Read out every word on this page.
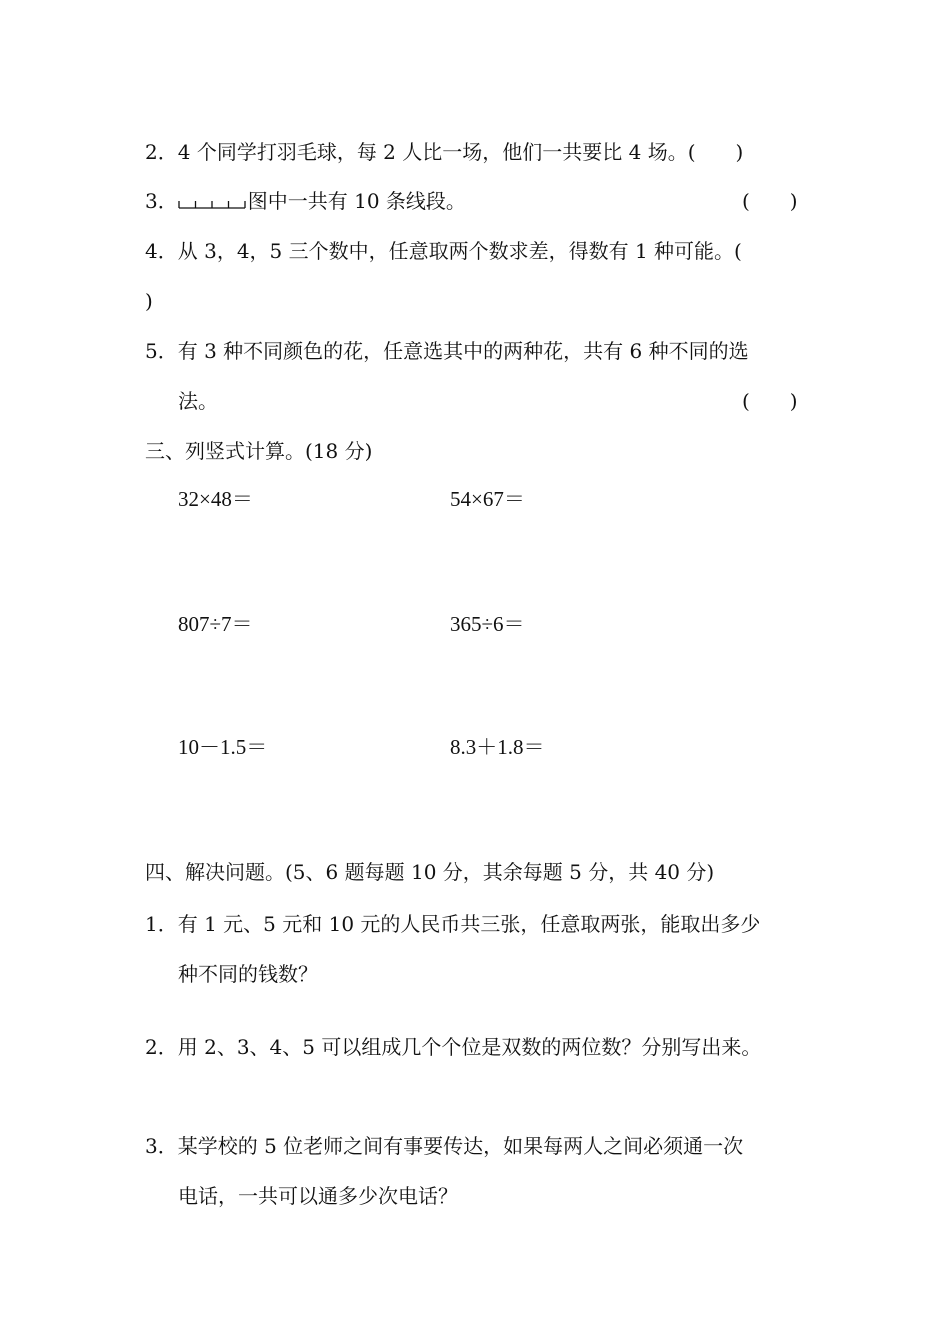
2．4 个同学打羽毛球，每 2 人比一场，他们一共要比 4 场。(　　)
3．	图中一共有 10 条线段。	(　　)
4．从 3，4，5 三个数中，任意取两个数求差，得数有 1 种可能。(
)
5．有 3 种不同颜色的花，任意选其中的两种花，共有 6 种不同的选
法。	(　　)
三、列竖式计算。(18 分)
32×48＝	54×67＝
807÷7＝	365÷6＝
10－1.5＝	8.3＋1.8＝
四、解决问题。(5、6 题每题 10 分，其余每题 5 分，共 40 分)
1．有 1 元、5 元和 10 元的人民币共三张，任意取两张，能取出多少
种不同的钱数？
2．用 2、3、4、5 可以组成几个个位是双数的两位数？分别写出来。
3．某学校的 5 位老师之间有事要传达，如果每两人之间必须通一次
电话，一共可以通多少次电话？
